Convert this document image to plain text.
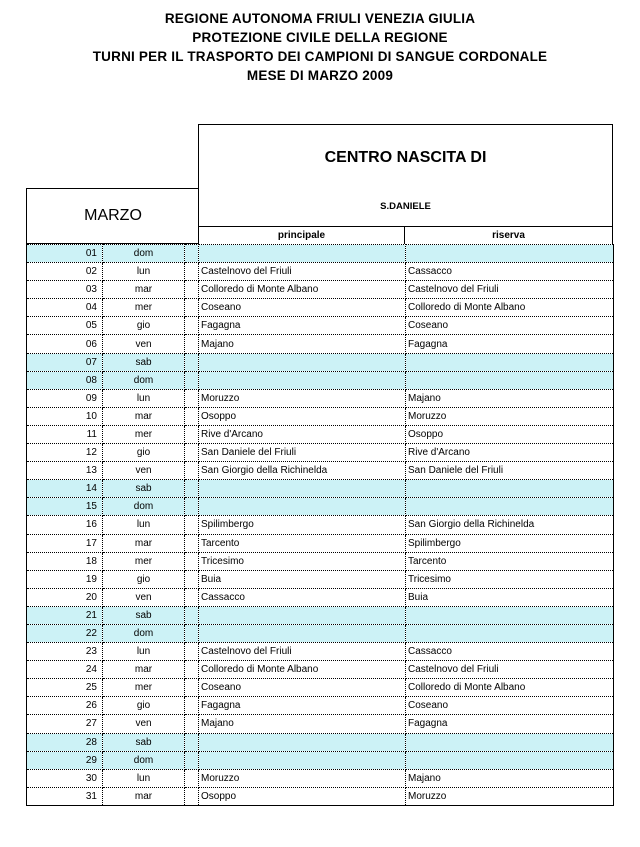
REGIONE AUTONOMA FRIULI VENEZIA GIULIA
PROTEZIONE CIVILE DELLA REGIONE
TURNI PER IL TRASPORTO DEI CAMPIONI DI SANGUE CORDONALE
MESE DI MARZO 2009
CENTRO NASCITA DI
S.DANIELE
MARZO
principale	riserva
01	dom			
02	lun		Castelnovo del Friuli	Cassacco
03	mar		Colloredo di Monte Albano	Castelnovo del Friuli
04	mer		Coseano	Colloredo di Monte Albano
05	gio		Fagagna	Coseano
06	ven		Majano	Fagagna
07	sab			
08	dom			
09	lun		Moruzzo	Majano
10	mar		Osoppo	Moruzzo
11	mer		Rive d'Arcano	Osoppo
12	gio		San Daniele del Friuli	Rive d'Arcano
13	ven		San Giorgio della Richinelda	San Daniele del Friuli
14	sab			
15	dom			
16	lun		Spilimbergo	San Giorgio della Richinelda
17	mar		Tarcento	Spilimbergo
18	mer		Tricesimo	Tarcento
19	gio		Buia	Tricesimo
20	ven		Cassacco	Buia
21	sab			
22	dom			
23	lun		Castelnovo del Friuli	Cassacco
24	mar		Colloredo di Monte Albano	Castelnovo del Friuli
25	mer		Coseano	Colloredo di Monte Albano
26	gio		Fagagna	Coseano
27	ven		Majano	Fagagna
28	sab			
29	dom			
30	lun		Moruzzo	Majano
31	mar		Osoppo	Moruzzo
